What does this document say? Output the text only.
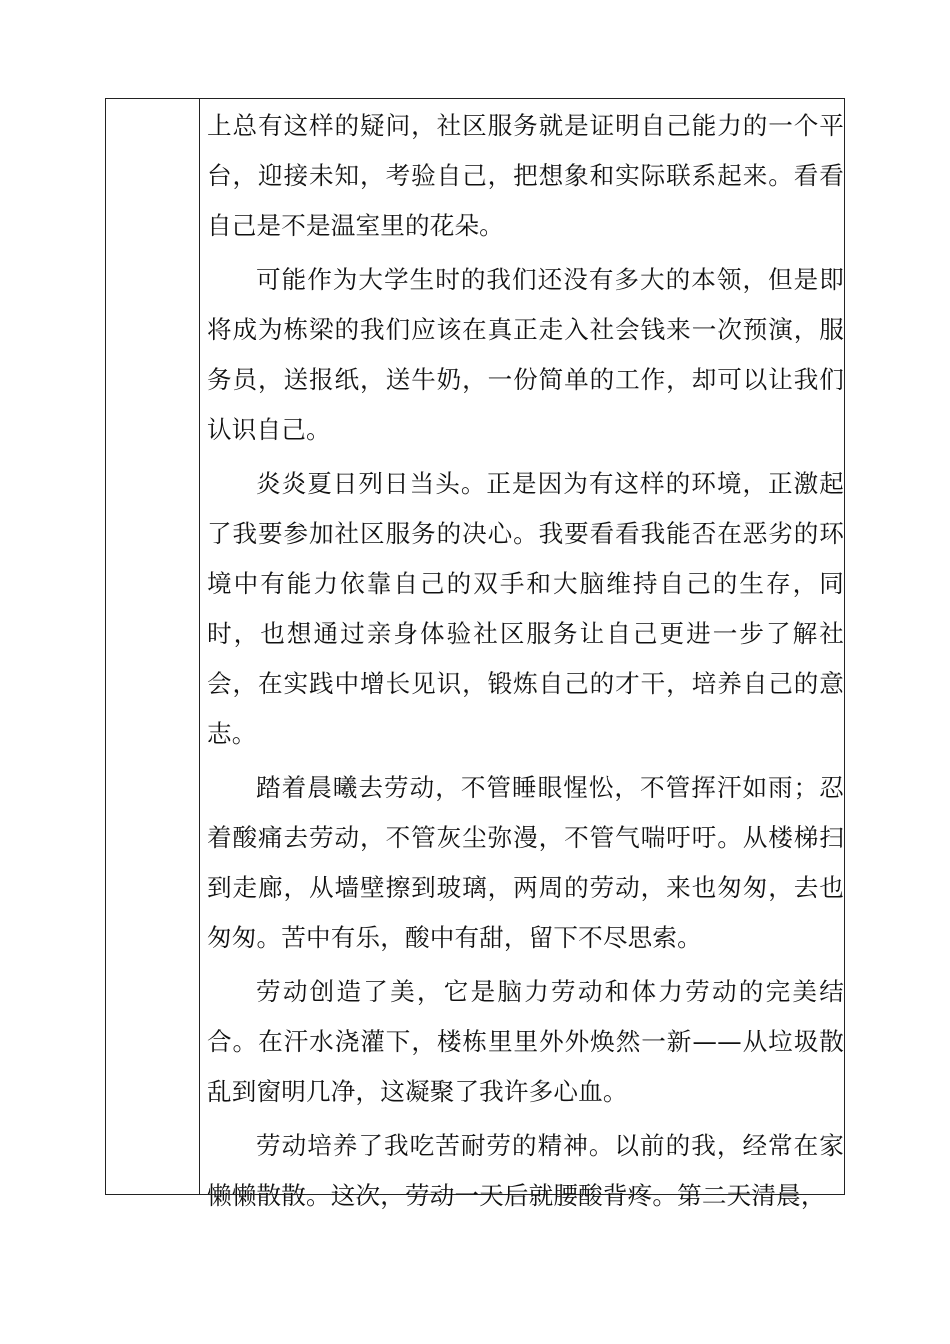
上总有这样的疑问，社区服务就是证明自己能力的一个平台，迎接未知，考验自己，把想象和实际联系起来。看看自己是不是温室里的花朵。

可能作为大学生时的我们还没有多大的本领，但是即将成为栋梁的我们应该在真正走入社会钱来一次预演，服务员，送报纸，送牛奶，一份简单的工作，却可以让我们认识自己。

炎炎夏日列日当头。正是因为有这样的环境，正激起了我要参加社区服务的决心。我要看看我能否在恶劣的环境中有能力依靠自己的双手和大脑维持自己的生存，同时，也想通过亲身体验社区服务让自己更进一步了解社会，在实践中增长见识，锻炼自己的才干，培养自己的意志。

踏着晨曦去劳动，不管睡眼惺忪，不管挥汗如雨；忍着酸痛去劳动，不管灰尘弥漫，不管气喘吁吁。从楼梯扫到走廊，从墙壁擦到玻璃，两周的劳动，来也匆匆，去也匆匆。苦中有乐，酸中有甜，留下不尽思索。

劳动创造了美，它是脑力劳动和体力劳动的完美结合。在汗水浇灌下，楼栋里里外外焕然一新——从垃圾散乱到窗明几净，这凝聚了我许多心血。

劳动培养了我吃苦耐劳的精神。以前的我，经常在家懒懒散散。这次，劳动一天后就腰酸背疼。第二天清晨，
